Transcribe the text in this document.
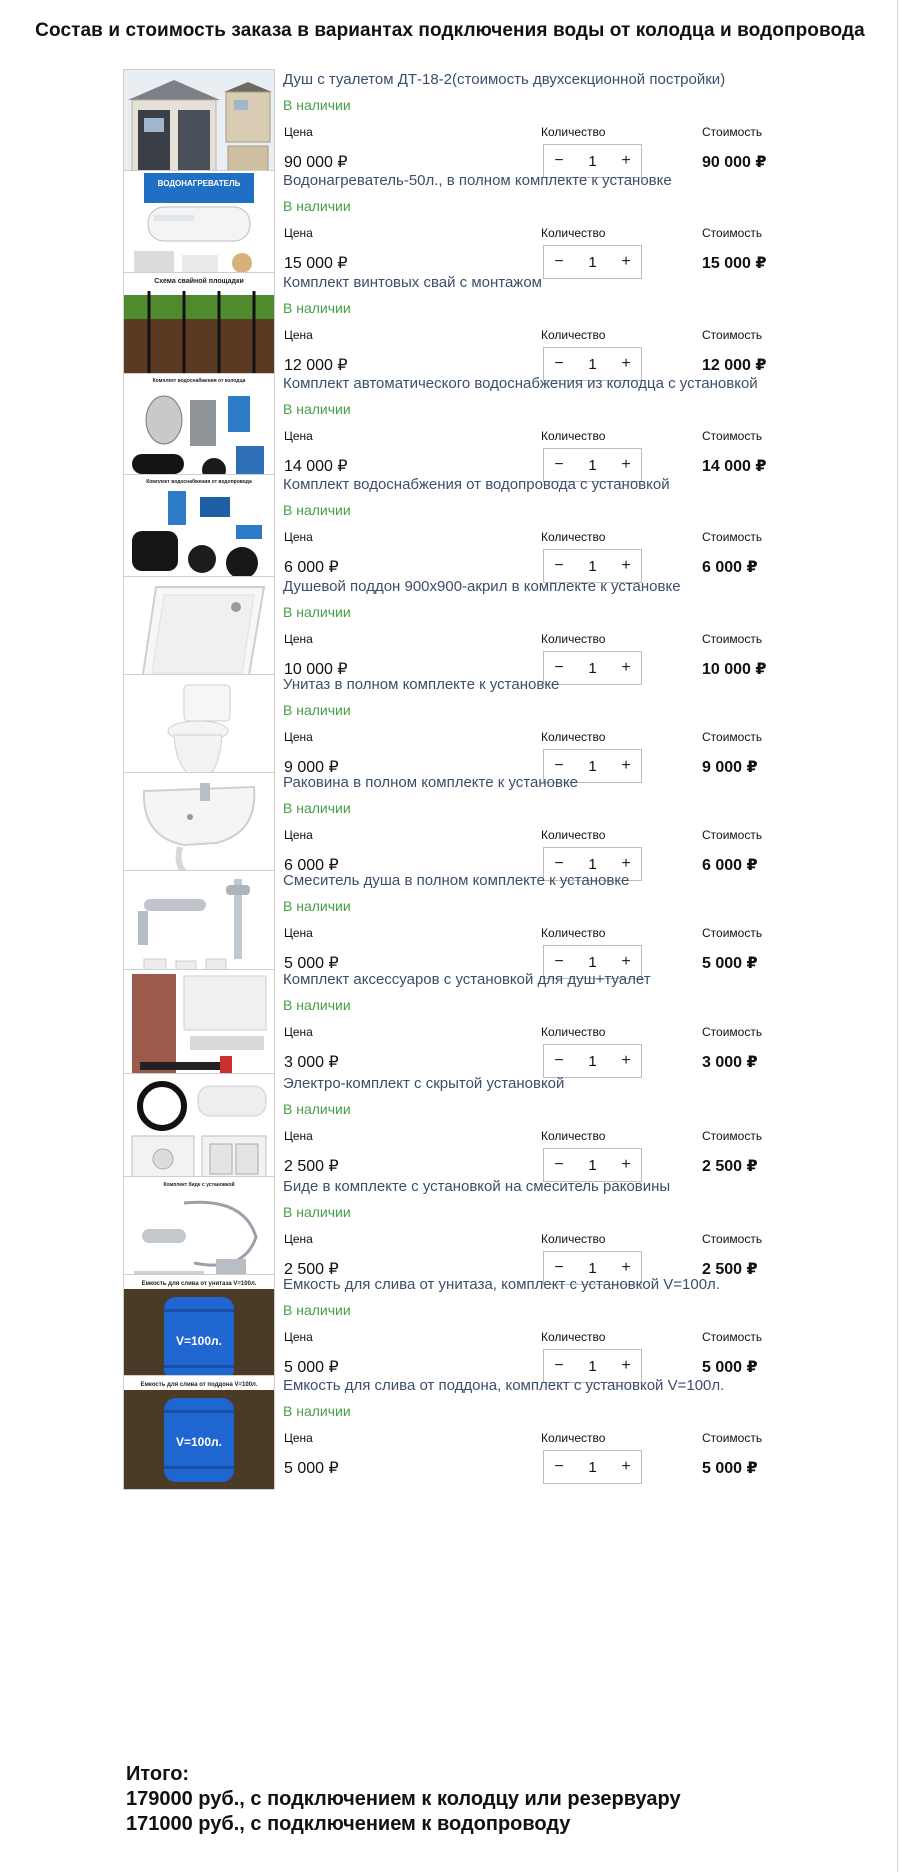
Состав и стоимость заказа в вариантах подключения воды от колодца и водопровода
Душ с туалетом ДТ-18-2(стоимость двухсекционной постройки)
В наличии
Цена	Количество	Стоимость
90 000 ₽	−	1	+	90 000 ₽
ВОДОНАГРЕВАТЕЛЬ	Водонагреватель-50л., в полном комплекте к установке
В наличии
Цена	Количество	Стоимость
15 000 ₽	−	1	+	15 000 ₽
Схема свайной площадки	Комплект винтовых свай с монтажом
В наличии
Цена	Количество	Стоимость
12 000 ₽	−	1	+	12 000 ₽
Комплект водоснабжения от колодца	Комплект автоматического водоснабжения из колодца с установкой
В наличии
Цена	Количество	Стоимость
14 000 ₽	−	1	+	14 000 ₽
Комплект водоснабжения от водопровода Комплект водоснабжения от водопровода с установкой
В наличии
Цена	Количество	Стоимость
6 000 ₽	−	1	+	6 000 ₽
Душевой поддон 900х900-акрил в комплекте к установке
В наличии
Цена	Количество	Стоимость
10 000 ₽	−	1	+	10 000 ₽
Унитаз в полном комплекте к установке
В наличии
Цена	Количество	Стоимость
9 000 ₽	−	1	+	9 000 ₽
Раковина в полном комплекте к установке
В наличии
Цена	Количество	Стоимость
6 000 ₽	−	1	+	6 000 ₽
Смеситель душа в полном комплекте к установке
В наличии
Цена	Количество	Стоимость
5 000 ₽	−	1	+	5 000 ₽
Комплект аксессуаров с установкой для душ+туалет
В наличии
Цена	Количество	Стоимость
3 000 ₽	−	1	+	3 000 ₽
Электро-комплект с скрытой установкой
В наличии
Цена	Количество	Стоимость
2 500 ₽	−	1	+	2 500 ₽
Комплект биде с установкой	Биде в комплекте с установкой на смеситель раковины
В наличии
Цена	Количество	Стоимость
2 500 ₽	−	1	+	2 500 ₽
Емкость для слива от унитаза V=100л.
V=100л.
Емкость для слива от унитаза, комплект с установкой V=100л.
В наличии
Цена	Количество	Стоимость
5 000 ₽	−	1	+	5 000 ₽
Емкость для слива от поддона V=100л.
V=100л.
Емкость для слива от поддона, комплект с установкой V=100л.
В наличии
Цена	Количество	Стоимость
5 000 ₽	−	1	+	5 000 ₽
Итого:
179000 руб., с подключением к колодцу или резервуару
171000 руб., с подключением к водопроводу
